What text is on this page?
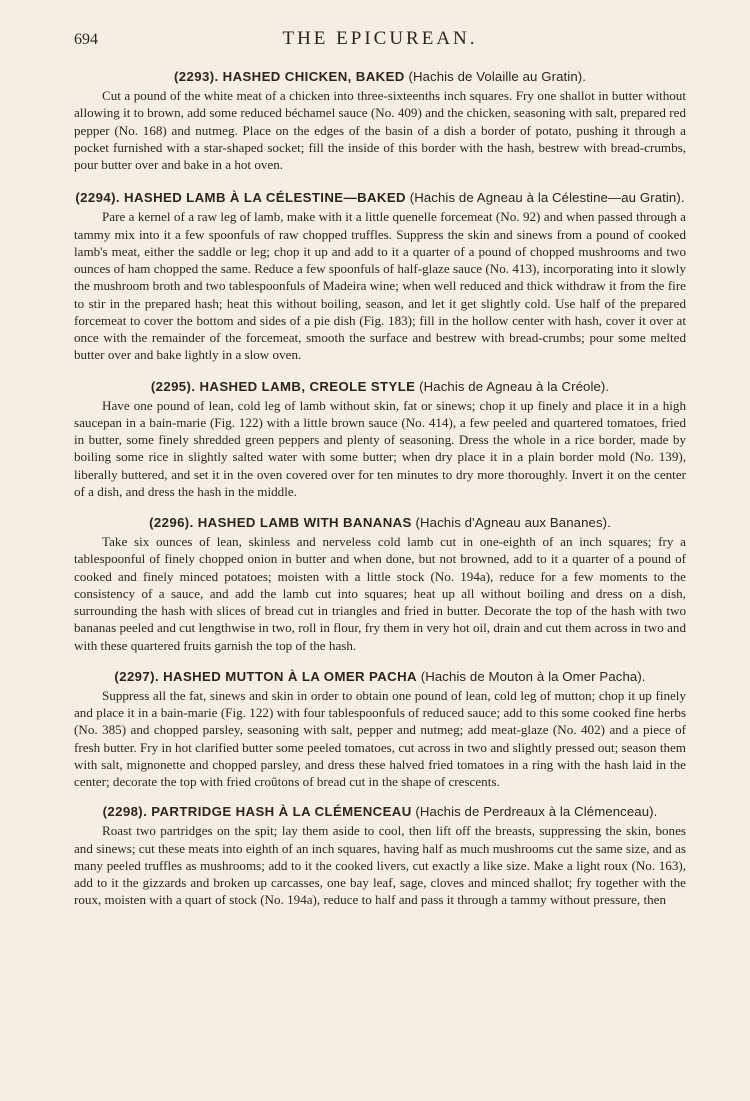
694	THE EPICUREAN.

(2293). HASHED CHICKEN, BAKED (Hachis de Volaille au Gratin).

Cut a pound of the white meat of a chicken into three-sixteenths inch squares. Fry one shallot in butter without allowing it to brown, add some reduced béchamel sauce (No. 409) and the chicken, seasoning with salt, prepared red pepper (No. 168) and nutmeg. Place on the edges of the basin of a dish a border of potato, pushing it through a pocket furnished with a star-shaped socket; fill the inside of this border with the hash, bestrew with bread-crumbs, pour butter over and bake in a hot oven.

(2294). HASHED LAMB À LA CÉLESTINE—BAKED (Hachis de Agneau à la Célestine—au Gratin).

Pare a kernel of a raw leg of lamb, make with it a little quenelle forcemeat (No. 92) and when passed through a tammy mix into it a few spoonfuls of raw chopped truffles. Suppress the skin and sinews from a pound of cooked lamb's meat, either the saddle or leg; chop it up and add to it a quarter of a pound of chopped mushrooms and two ounces of ham chopped the same. Reduce a few spoonfuls of half-glaze sauce (No. 413), incorporating into it slowly the mushroom broth and two tablespoonfuls of Madeira wine; when well reduced and thick withdraw it from the fire to stir in the prepared hash; heat this without boiling, season, and let it get slightly cold. Use half of the prepared forcemeat to cover the bottom and sides of a pie dish (Fig. 183); fill in the hollow center with hash, cover it over at once with the remainder of the forcemeat, smooth the surface and bestrew with bread-crumbs; pour some melted butter over and bake lightly in a slow oven.

(2295). HASHED LAMB, CREOLE STYLE (Hachis de Agneau à la Créole).

Have one pound of lean, cold leg of lamb without skin, fat or sinews; chop it up finely and place it in a high saucepan in a bain-marie (Fig. 122) with a little brown sauce (No. 414), a few peeled and quartered tomatoes, fried in butter, some finely shredded green peppers and plenty of seasoning. Dress the whole in a rice border, made by boiling some rice in slightly salted water with some butter; when dry place it in a plain border mold (No. 139), liberally buttered, and set it in the oven covered over for ten minutes to dry more thoroughly. Invert it on the center of a dish, and dress the hash in the middle.

(2296). HASHED LAMB WITH BANANAS (Hachis d'Agneau aux Bananes).

Take six ounces of lean, skinless and nerveless cold lamb cut in one-eighth of an inch squares; fry a tablespoonful of finely chopped onion in butter and when done, but not browned, add to it a quarter of a pound of cooked and finely minced potatoes; moisten with a little stock (No. 194a), reduce for a few moments to the consistency of a sauce, and add the lamb cut into squares; heat up all without boiling and dress on a dish, surrounding the hash with slices of bread cut in triangles and fried in butter. Decorate the top of the hash with two bananas peeled and cut lengthwise in two, roll in flour, fry them in very hot oil, drain and cut them across in two and with these quartered fruits garnish the top of the hash.

(2297). HASHED MUTTON À LA OMER PACHA (Hachis de Mouton à la Omer Pacha).

Suppress all the fat, sinews and skin in order to obtain one pound of lean, cold leg of mutton; chop it up finely and place it in a bain-marie (Fig. 122) with four tablespoonfuls of reduced sauce; add to this some cooked fine herbs (No. 385) and chopped parsley, seasoning with salt, pepper and nutmeg; add meat-glaze (No. 402) and a piece of fresh butter. Fry in hot clarified butter some peeled tomatoes, cut across in two and slightly pressed out; season them with salt, mignonette and chopped parsley, and dress these halved fried tomatoes in a ring with the hash laid in the center; decorate the top with fried croûtons of bread cut in the shape of crescents.

(2298). PARTRIDGE HASH À LA CLÉMENCEAU (Hachis de Perdreaux à la Clémenceau).

Roast two partridges on the spit; lay them aside to cool, then lift off the breasts, suppressing the skin, bones and sinews; cut these meats into eighth of an inch squares, having half as much mushrooms cut the same size, and as many peeled truffles as mushrooms; add to it the cooked livers, cut exactly a like size. Make a light roux (No. 163), add to it the gizzards and broken up carcasses, one bay leaf, sage, cloves and minced shallot; fry together with the roux, moisten with a quart of stock (No. 194a), reduce to half and pass it through a tammy without pressure, then
